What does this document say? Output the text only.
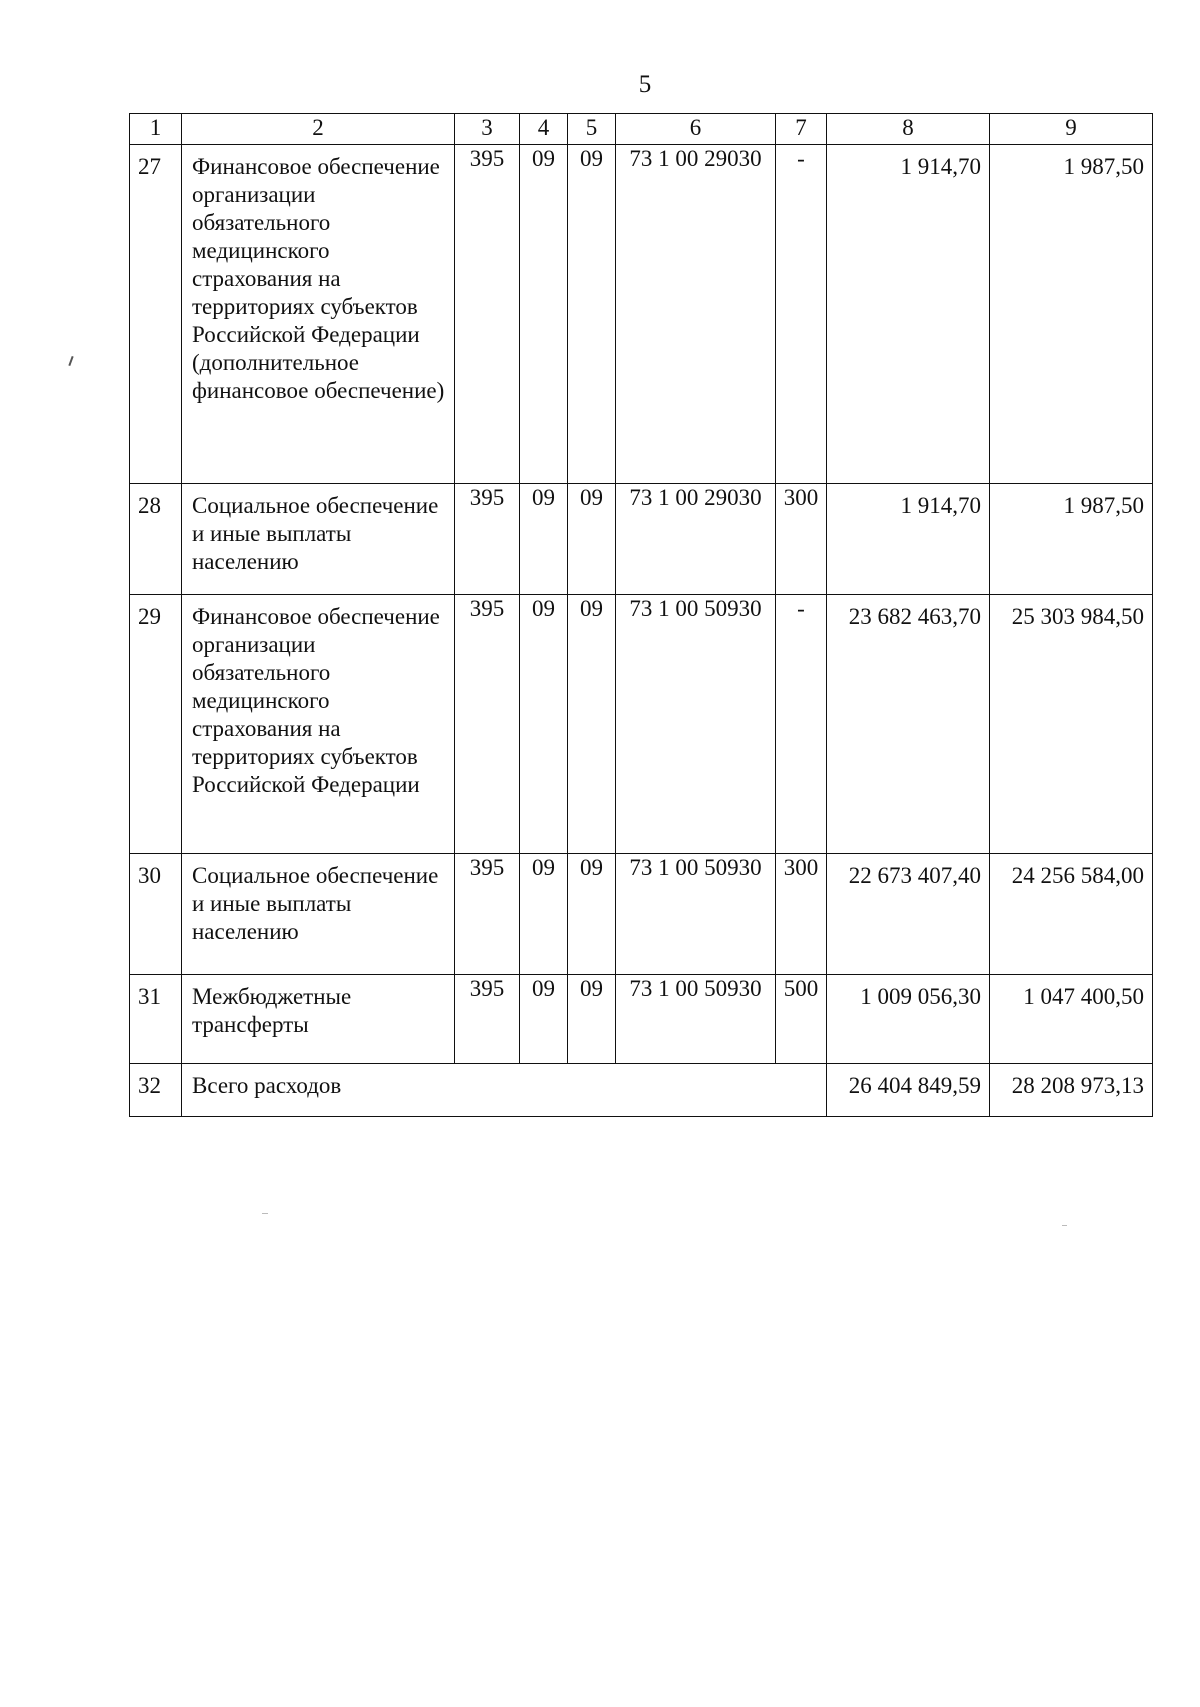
5
1	2	3	4	5	6	7	8	9
27	Финансовое обеспечение организации обязательного медицинского страхования на территориях субъектов Российской Федерации (дополнительное финансовое обеспечение)	395	09	09	73 1 00 29030	-	1 914,70	1 987,50
28	Социальное обеспечение и иные выплаты населению	395	09	09	73 1 00 29030	300	1 914,70	1 987,50
29	Финансовое обеспечение организации обязательного медицинского страхования на территориях субъектов Российской Федерации	395	09	09	73 1 00 50930	-	23 682 463,70	25 303 984,50
30	Социальное обеспечение и иные выплаты населению	395	09	09	73 1 00 50930	300	22 673 407,40	24 256 584,00
31	Межбюджетные трансферты	395	09	09	73 1 00 50930	500	1 009 056,30	1 047 400,50
32	Всего расходов						26 404 849,59	28 208 973,13
